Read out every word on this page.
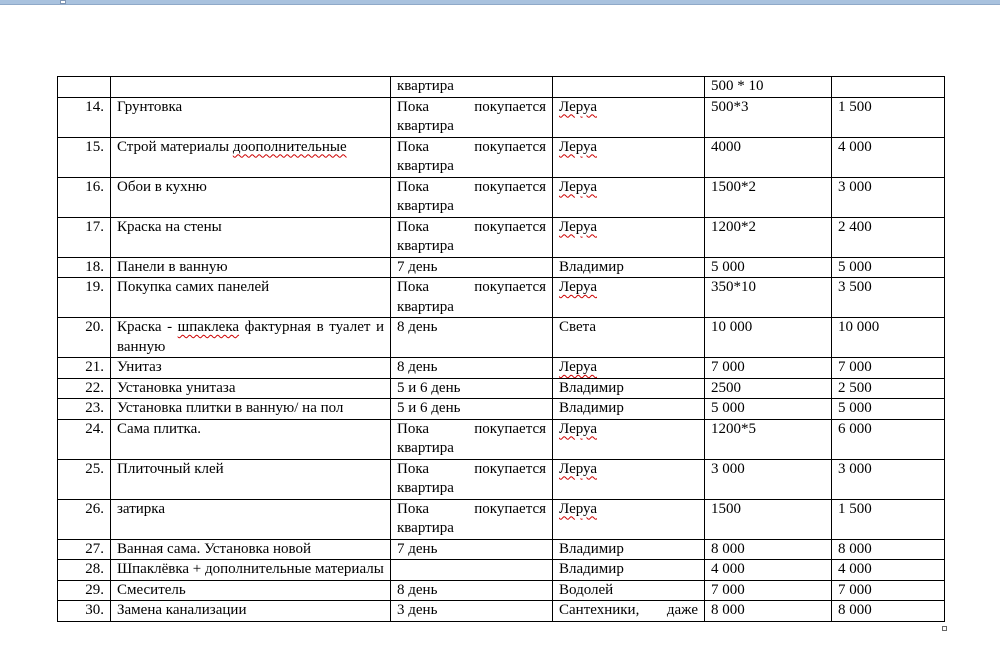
		квартира		500 * 10	
14.	Грунтовка	Пока покупается квартира	Леруа	500*3	1 500
15.	Строй материалы доополнительные	Пока покупается квартира	Леруа	4000	4 000
16.	Обои в кухню	Пока покупается квартира	Леруа	1500*2	3 000
17.	Краска на стены	Пока покупается квартира	Леруа	1200*2	2 400
18.	Панели в ванную	7 день	Владимир	5 000	5 000
19.	Покупка самих панелей	Пока покупается квартира	Леруа	350*10	3 500
20.	Краска - шпаклека фактурная в туалет и ванную	8 день	Света	10 000	10 000
21.	Унитаз	8 день	Леруа	7 000	7 000
22.	Установка унитаза	5 и 6 день	Владимир	2500	2 500
23.	Установка плитки в ванную/ на пол	5 и 6 день	Владимир	5 000	5 000
24.	Сама плитка.	Пока покупается квартира	Леруа	1200*5	6 000
25.	Плиточный клей	Пока покупается квартира	Леруа	3 000	3 000
26.	затирка	Пока покупается квартира	Леруа	1500	1 500
27.	Ванная сама. Установка новой	7 день	Владимир	8 000	8 000
28.	Шпаклёвка + дополнительные материалы		Владимир	4 000	4 000
29.	Смеситель	8 день	Водолей	7 000	7 000
30.	Замена канализации	3 день	Сантехники, даже	8 000	8 000
